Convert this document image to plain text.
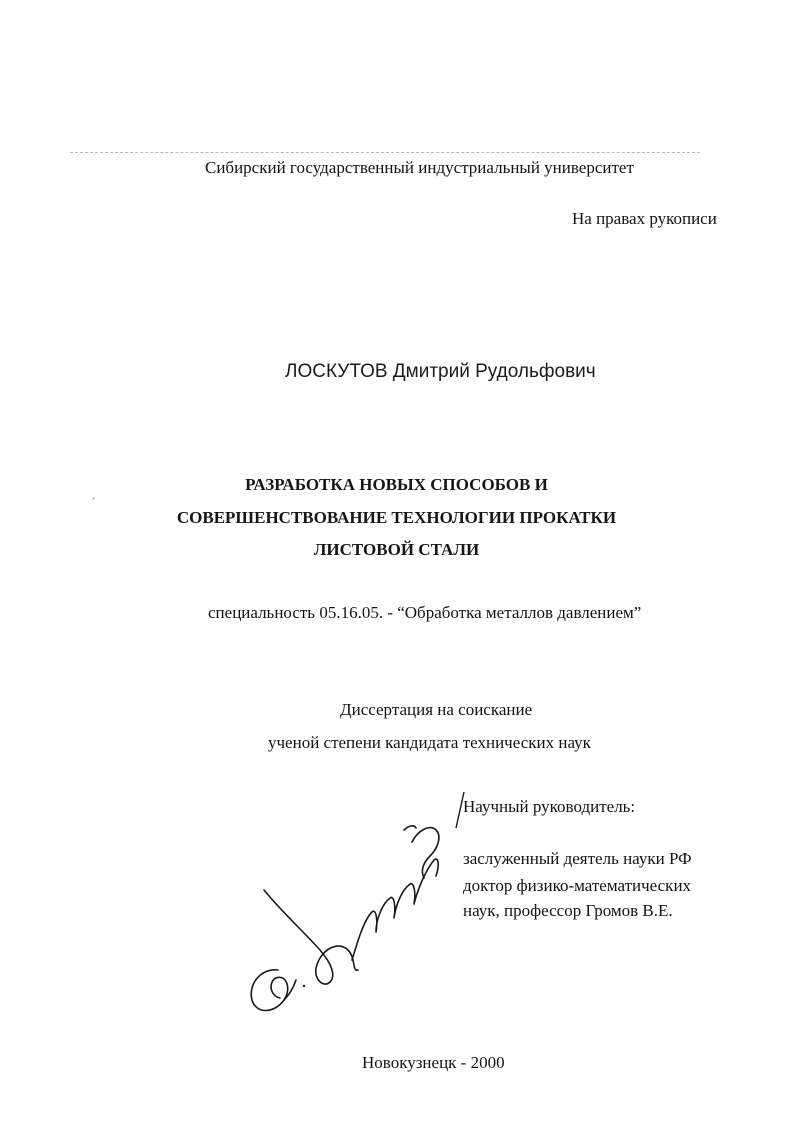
Сибирский государственный индустриальный университет
На правах рукописи
ЛОСКУТОВ Дмитрий Рудольфович
РАЗРАБОТКА НОВЫХ СПОСОБОВ И
СОВЕРШЕНСТВОВАНИЕ ТЕХНОЛОГИИ ПРОКАТКИ
ЛИСТОВОЙ СТАЛИ
специальность 05.16.05. - “Обработка металлов давлением”
Диссертация на соискание
ученой степени кандидата технических наук
Научный руководитель:
заслуженный деятель науки РФ
доктор физико-математических
наук, профессор Громов В.Е.
Новокузнецк - 2000
